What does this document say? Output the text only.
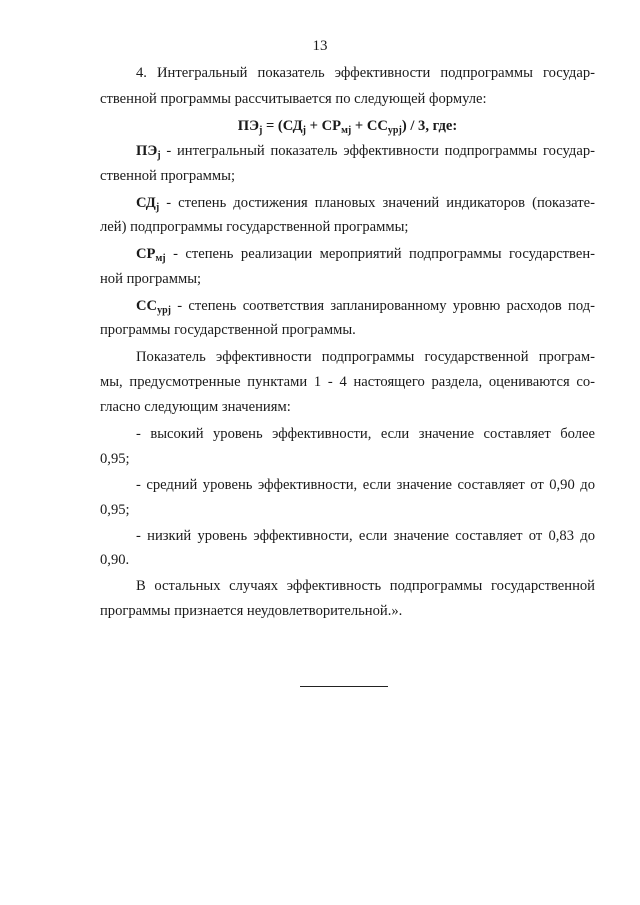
13
4. Интегральный показатель эффективности подпрограммы государ-
ственной программы рассчитывается по следующей формуле:
$ПЭ_j = (СД_j + СР_{мj} + СС_{урj}) / 3$, где:
$ПЭ_j$ - интегральный показатель эффективности подпрограммы государ-
ственной программы;
$СД_j$ - степень достижения плановых значений индикаторов (показате-
лей) подпрограммы государственной программы;
$СР_{мj}$ - степень реализации мероприятий подпрограммы государствен-
ной программы;
$СС_{урj}$ - степень соответствия запланированному уровню расходов под-
программы государственной программы.
Показатель эффективности подпрограммы государственной програм-
мы, предусмотренные пунктами 1 - 4 настоящего раздела, оцениваются со-
гласно следующим значениям:
- высокий уровень эффективности, если значение составляет более
0,95;
- средний уровень эффективности, если значение составляет от 0,90 до
0,95;
- низкий уровень эффективности, если значение составляет от 0,83 до
0,90.
В остальных случаях эффективность подпрограммы государственной
программы признается неудовлетворительной.».
